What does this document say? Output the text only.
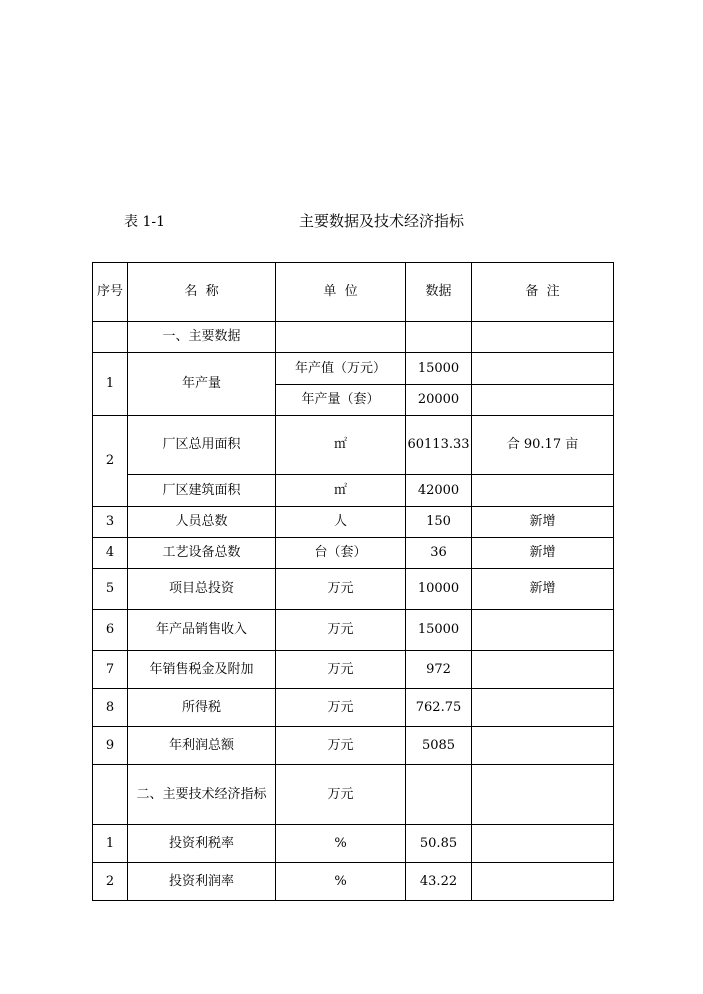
表 1-1	主要数据及技术经济指标
序号	名  称	单  位	数据	备  注
	一、主要数据			
1	年产量	年产值（万元）	15000	
		年产量（套）	20000	
2	厂区总用面积	㎡	60113.33	合 90.17 亩
	厂区建筑面积	㎡	42000	
3	人员总数	人	150	新增
4	工艺设备总数	台（套）	36	新增
5	项目总投资	万元	10000	新增
6	年产品销售收入	万元	15000	
7	年销售税金及附加	万元	972	
8	所得税	万元	762.75	
9	年利润总额	万元	5085	
	二、主要技术经济指标	万元		
1	投资利税率	%	50.85	
2	投资利润率	%	43.22	
